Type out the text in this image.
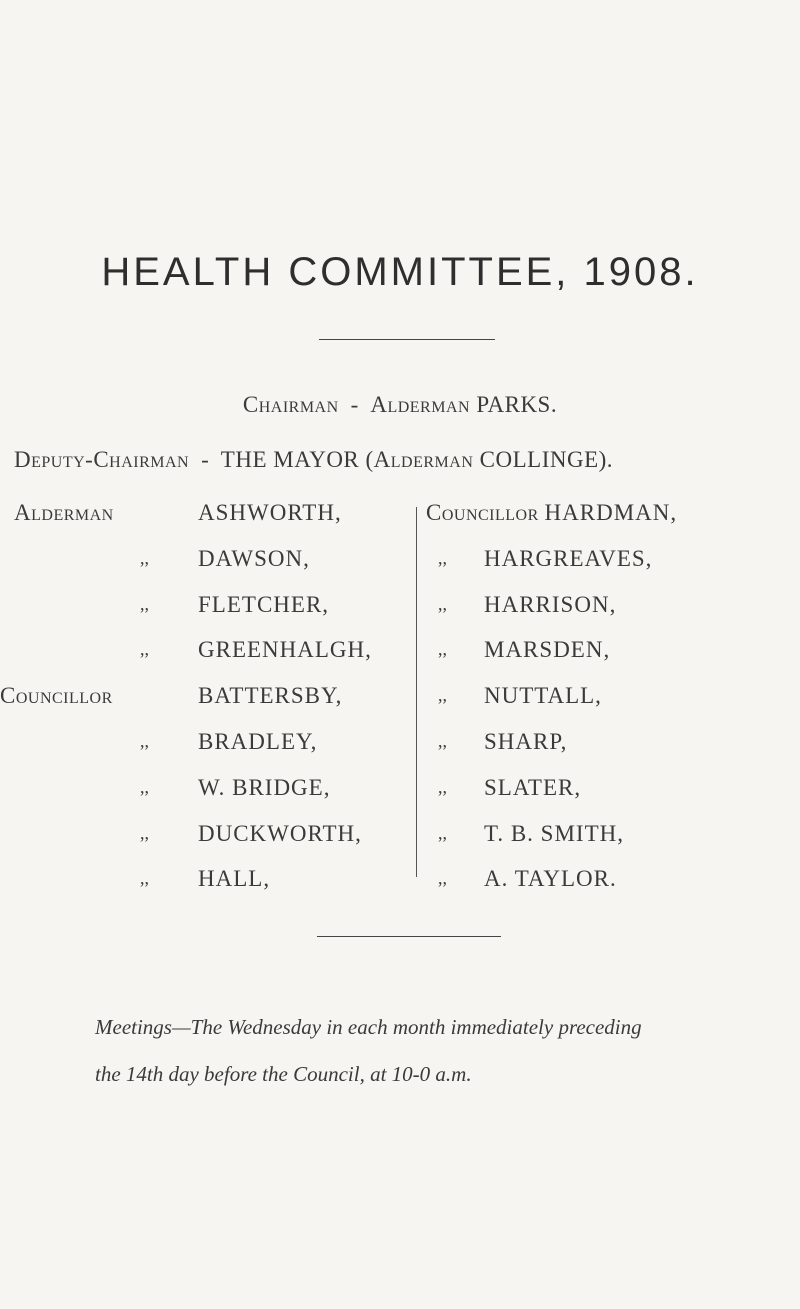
HEALTH COMMITTEE, 1908.
Chairman - Alderman PARKS.
Deputy-Chairman - THE MAYOR (Alderman COLLINGE).
Alderman	ASHWORTH,
,, DAWSON,
,, FLETCHER,
,, GREENHALGH,
Councillor	BATTERSBY,
,, BRADLEY,
,, W. BRIDGE,
,, DUCKWORTH,
,, HALL,
Councillor HARDMAN,
,, HARGREAVES,
,, HARRISON,
,, MARSDEN,
,, NUTTALL,
,, SHARP,
,, SLATER,
,, T. B. SMITH,
,, A. TAYLOR.
Meetings—The Wednesday in each month immediately preceding
the 14th day before the Council, at 10-0 a.m.
